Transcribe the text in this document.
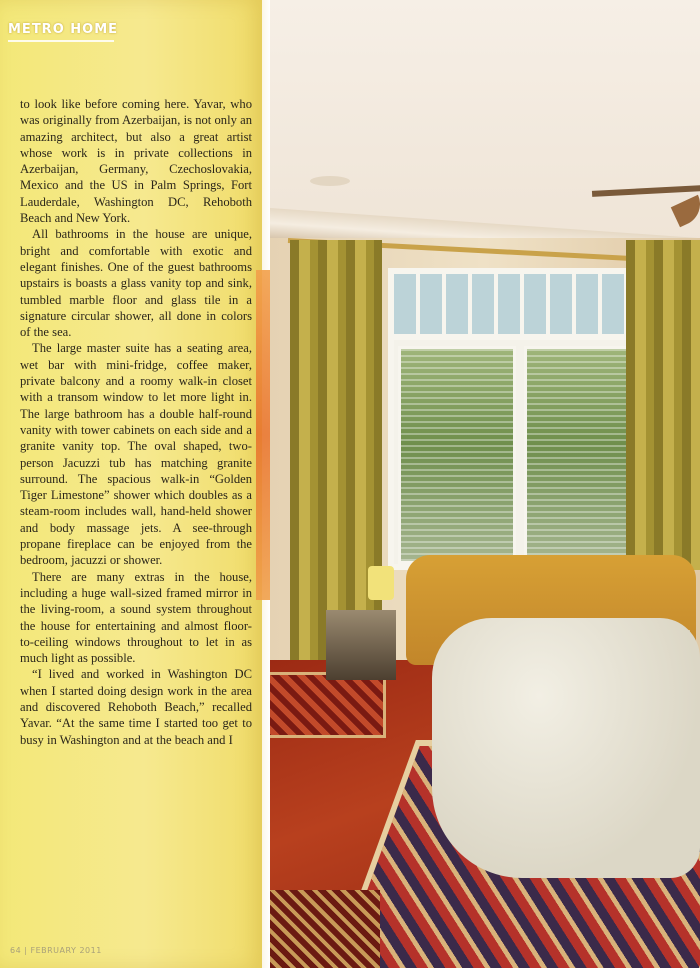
METRO HOME

to look like before coming here. Yavar, who was originally from Azerbaijan, is not only an amazing architect, but also a great artist whose work is in private collections in Azerbaijan, Germany, Czechoslovakia, Mexico and the US in Palm Springs, Fort Lauderdale, Washington DC, Rehoboth Beach and New York.

All bathrooms in the house are unique, bright and comfortable with exotic and elegant finishes. One of the guest bathrooms upstairs is boasts a glass vanity top and sink, tumbled marble floor and glass tile in a signature circular shower, all done in colors of the sea.

The large master suite has a seating area, wet bar with mini-fridge, coffee maker, private balcony and a roomy walk-in closet with a transom window to let more light in. The large bathroom has a double half-round vanity with tower cabinets on each side and a granite vanity top. The oval shaped, two-person Jacuzzi tub has matching granite surround. The spacious walk-in “Golden Tiger Limestone” shower which doubles as a steam-room includes wall, hand-held shower and body massage jets. A see-through propane fireplace can be enjoyed from the bedroom, jacuzzi or shower.

There are many extras in the house, including a huge wall-sized framed mirror in the living-room, a sound system throughout the house for entertaining and almost floor-to-ceiling windows throughout to let in as much light as possible.

“I lived and worked in Washington DC when I started doing design work in the area and discovered Rehoboth Beach,” recalled Yavar. “At the same time I started too get to busy in Washington and at the beach and I

64 | FEBRUARY 2011
